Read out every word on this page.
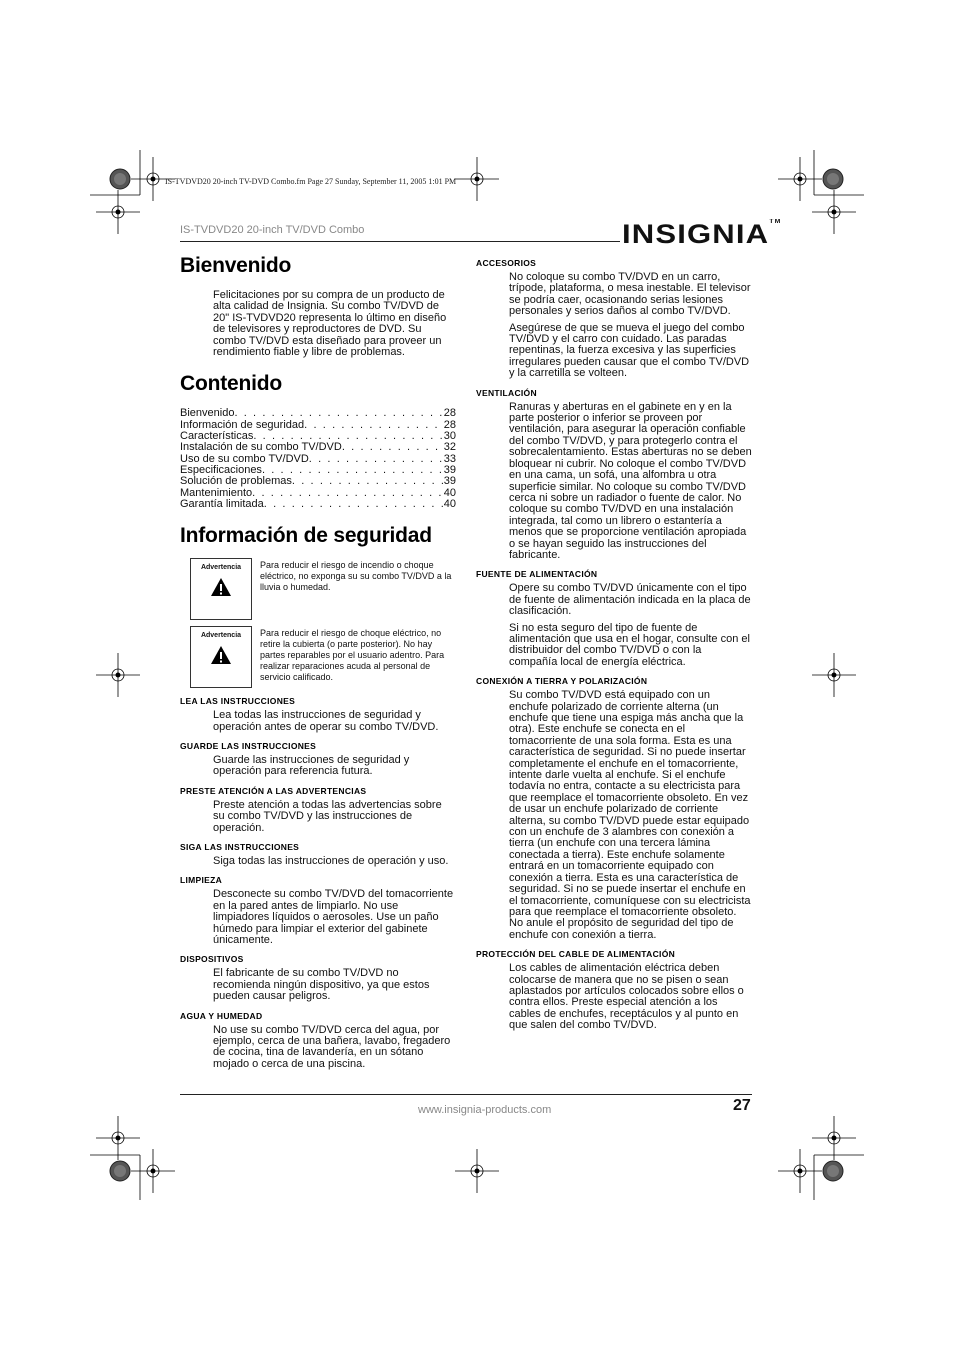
IS-TVDVD20 20-inch TV-DVD Combo.fm Page 27 Sunday, September 11, 2005 1:01 PM
IS-TVDVD20 20-inch TV/DVD Combo	INSIGNIA™
Bienvenido

Felicitaciones por su compra de un producto de alta calidad de Insignia. Su combo TV/DVD de 20" IS-TVDVD20 representa lo último en diseño de televisores y reproductores de DVD. Su combo TV/DVD esta diseñado para proveer un rendimiento fiable y libre de problemas.

Contenido
Bienvenido . . .	28
Información de seguridad . . .	28
Características . . .	30
Instalación de su combo TV/DVD . . .	32
Uso de su combo TV/DVD . . .	33
Especificaciones . . .	39
Solución de problemas . . .	39
Mantenimiento . . .	40
Garantía limitada . . .	40
Información de seguridad
Advertencia Para reducir el riesgo de incendio o choque eléctrico, no exponga su su combo TV/DVD a la lluvia o humedad.
Advertencia Para reducir el riesgo de choque eléctrico, no retire la cubierta (o parte posterior). No hay partes reparables por el usuario adentro. Para realizar reparaciones acuda al personal de servicio calificado.
LEA LAS INSTRUCCIONES

Lea todas las instrucciones de seguridad y operación antes de operar su combo TV/DVD.

GUARDE LAS INSTRUCCIONES

Guarde las instrucciones de seguridad y operación para referencia futura.

PRESTE ATENCIÓN A LAS ADVERTENCIAS

Preste atención a todas las advertencias sobre su combo TV/DVD y las instrucciones de operación.

SIGA LAS INSTRUCCIONES

Siga todas las instrucciones de operación y uso.

LIMPIEZA

Desconecte su combo TV/DVD del tomacorriente en la pared antes de limpiarlo. No use limpiadores líquidos o aerosoles. Use un paño húmedo para limpiar el exterior del gabinete únicamente.

DISPOSITIVOS

El fabricante de su combo TV/DVD no recomienda ningún dispositivo, ya que estos pueden causar peligros.

AGUA Y HUMEDAD

No use su combo TV/DVD cerca del agua, por ejemplo, cerca de una bañera, lavabo, fregadero de cocina, tina de lavandería, en un sótano mojado o cerca de una piscina.

ACCESORIOS

No coloque su combo TV/DVD en un carro, trípode, plataforma, o mesa inestable. El televisor se podría caer, ocasionando serias lesiones personales y serios daños al combo TV/DVD.

Asegúrese de que se mueva el juego del combo TV/DVD y el carro con cuidado. Las paradas repentinas, la fuerza excesiva y las superficies irregulares pueden causar que el combo TV/DVD y la carretilla se volteen.

VENTILACIÓN

Ranuras y aberturas en el gabinete en y en la parte posterior o inferior se proveen por ventilación, para asegurar la operación confiable del combo TV/DVD, y para protegerlo contra el sobrecalentamiento. Estas aberturas no se deben bloquear ni cubrir. No coloque el combo TV/DVD en una cama, un sofá, una alfombra u otra superficie similar. No coloque su combo TV/DVD cerca ni sobre un radiador o fuente de calor. No coloque su combo TV/DVD en una instalación integrada, tal como un librero o estantería a menos que se proporcione ventilación apropiada o se hayan seguido las instrucciones del fabricante.

FUENTE DE ALIMENTACIÓN

Opere su combo TV/DVD únicamente con el tipo de fuente de alimentación indicada en la placa de clasificación.

Si no esta seguro del tipo de fuente de alimentación que usa en el hogar, consulte con el distribuidor del combo TV/DVD o con la compañía local de energía eléctrica.

CONEXIÓN A TIERRA Y POLARIZACIÓN

Su combo TV/DVD está equipado con un enchufe polarizado de corriente alterna (un enchufe que tiene una espiga más ancha que la otra). Este enchufe se conecta en el tomacorriente de una sola forma. Esta es una característica de seguridad. Si no puede insertar completamente el enchufe en el tomacorriente, intente darle vuelta al enchufe. Si el enchufe todavía no entra, contacte a su electricista para que reemplace el tomacorriente obsoleto. En vez de usar un enchufe polarizado de corriente alterna, su combo TV/DVD puede estar equipado con un enchufe de 3 alambres con conexión a tierra (un enchufe con una tercera lámina conectada a tierra). Este enchufe solamente entrará en un tomacorriente equipado con conexión a tierra. Esta es una característica de seguridad. Si no se puede insertar el enchufe en el tomacorriente, comuníquese con su electricista para que reemplace el tomacorriente obsoleto. No anule el propósito de seguridad del tipo de enchufe con conexión a tierra.

PROTECCIÓN DEL CABLE DE ALIMENTACIÓN

Los cables de alimentación eléctrica deben colocarse de manera que no se pisen o sean aplastados por artículos colocados sobre ellos o contra ellos. Preste especial atención a los cables de enchufes, receptáculos y al punto en que salen del combo TV/DVD.

www.insignia-products.com	27
